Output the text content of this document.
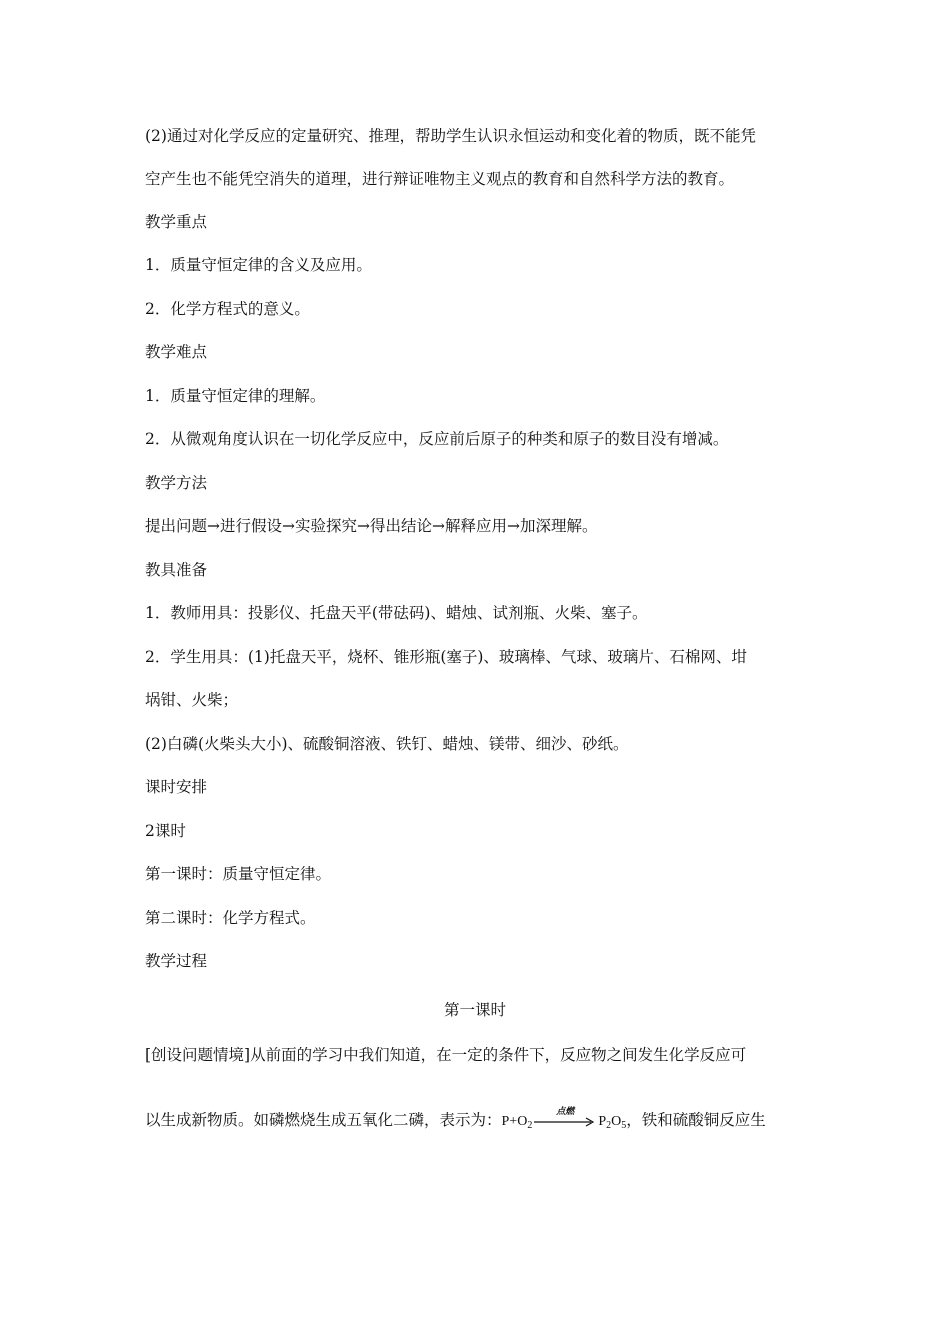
(2)通过对化学反应的定量研究、推理，帮助学生认识永恒运动和变化着的物质，既不能凭
空产生也不能凭空消失的道理，进行辩证唯物主义观点的教育和自然科学方法的教育。
教学重点
1．质量守恒定律的含义及应用。
2．化学方程式的意义。
教学难点
1．质量守恒定律的理解。
2．从微观角度认识在一切化学反应中，反应前后原子的种类和原子的数目没有增减。
教学方法
提出问题→进行假设→实验探究→得出结论→解释应用→加深理解。
教具准备
1．教师用具：投影仪、托盘天平(带砝码)、蜡烛、试剂瓶、火柴、塞子。
2．学生用具：(1)托盘天平，烧杯、锥形瓶(塞子)、玻璃棒、气球、玻璃片、石棉网、坩
埚钳、火柴；
(2)白磷(火柴头大小)、硫酸铜溶液、铁钉、蜡烛、镁带、细沙、砂纸。
课时安排
2课时
第一课时：质量守恒定律。
第二课时：化学方程式。
教学过程
第一课时
[创设问题情境]从前面的学习中我们知道，在一定的条件下，反应物之间发生化学反应可
以生成新物质。如磷燃烧生成五氧化二磷，表示为：$P+O_2$
点燃
$P_2O_5$，铁和硫酸铜反应生
